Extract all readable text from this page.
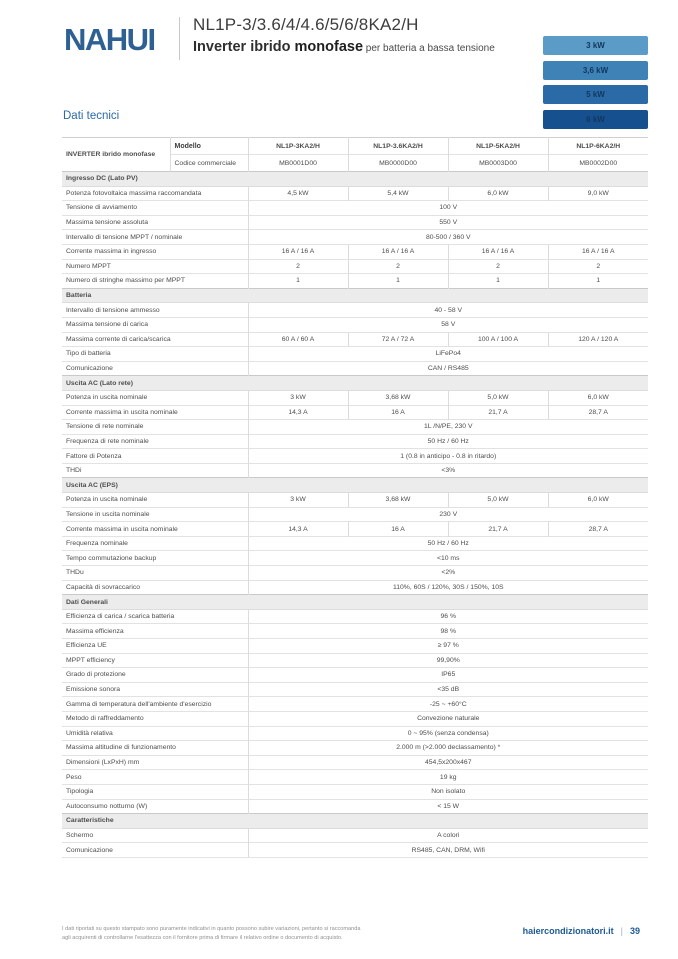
NAHUI NL1P-3/3.6/4/4.6/5/6/8KA2/H
Inverter ibrido monofase per batteria a bassa tensione	3 kW
3,6 kW
5 kW
6 kW
Dati tecnici
INVERTER ibrido monofase	Modello	NL1P-3KA2/H	NL1P-3.6KA2/H	NL1P-5KA2/H	NL1P-6KA2/H
	Codice commerciale	MB0001D00	MB0000D00	MB0003D00	MB0002D00
Ingresso DC (Lato PV)					
Potenza fotovoltaica massima raccomandata		4,5 kW	5,4 kW	6,0 kW	9,0 kW
Tensione di avviamento		100 V			
Massima tensione assoluta		550 V			
Intervallo di tensione MPPT / nominale		80-500 / 360 V			
Corrente massima in ingresso		16 A / 16 A	16 A / 16 A	16 A / 16 A	16 A / 16 A
Numero MPPT		2	2	2	2
Numero di stringhe massimo per MPPT		1	1	1	1
Batteria					
Intervallo di tensione ammesso		40 - 58 V			
Massima tensione di carica		58 V			
Massima corrente di carica/scarica		60 A / 60 A	72 A / 72 A	100 A / 100 A	120 A / 120 A
Tipo di batteria		LiFePo4			
Comunicazione		CAN / RS485			
Uscita AC (Lato rete)					
Potenza in uscita nominale		3 kW	3,68 kW	5,0 kW	6,0 kW
Corrente massima in uscita nominale		14,3 A	16 A	21,7 A	28,7 A
Tensione di rete nominale		1L /N/PE, 230 V			
Frequenza di rete nominale		50 Hz / 60 Hz			
Fattore di Potenza		1 (0.8 in anticipo - 0.8 in ritardo)			
THDi		<3%			
Uscita AC (EPS)					
Potenza in uscita nominale		3 kW	3,68 kW	5,0 kW	6,0 kW
Tensione in uscita nominale		230 V			
Corrente massima in uscita nominale		14,3 A	16 A	21,7 A	28,7 A
Frequenza nominale		50 Hz / 60 Hz			
Tempo commutazione backup		<10 ms			
THDu		<2%			
Capacità di sovraccarico		110%, 60S / 120%, 30S / 150%, 10S			
Dati Generali					
Efficienza di carica / scarica batteria		96 %			
Massima efficienza		98 %			
Efficienza UE		≥ 97 %			
MPPT efficiency		99,90%			
Grado di protezione		IP65			
Emissione sonora		<35 dB			
Gamma di temperatura dell'ambiente d'esercizio		-25 ~ +60°C			
Metodo di raffreddamento		Convezione naturale			
Umidità relativa		0 ~ 95% (senza condensa)			
Massima altitudine di funzionamento		2.000 m (>2.000 declassamento) *			
Dimensioni (LxPxH) mm		454,5x200x467			
Peso		19 kg			
Tipologia		Non isolato			
Autoconsumo notturno (W)		< 15 W			
Caratteristiche					
Schermo		A colori			
Comunicazione		RS485, CAN, DRM, Wifi			
I dati riportati su questo stampato sono puramente indicativi in quanto possono subire variazioni, pertanto si raccomanda
agli acquirenti di controllarne l'esattezza con il fornitore prima di firmare il relativo ordine o documento di acquisto.
haiercondizionatori.it | 39
